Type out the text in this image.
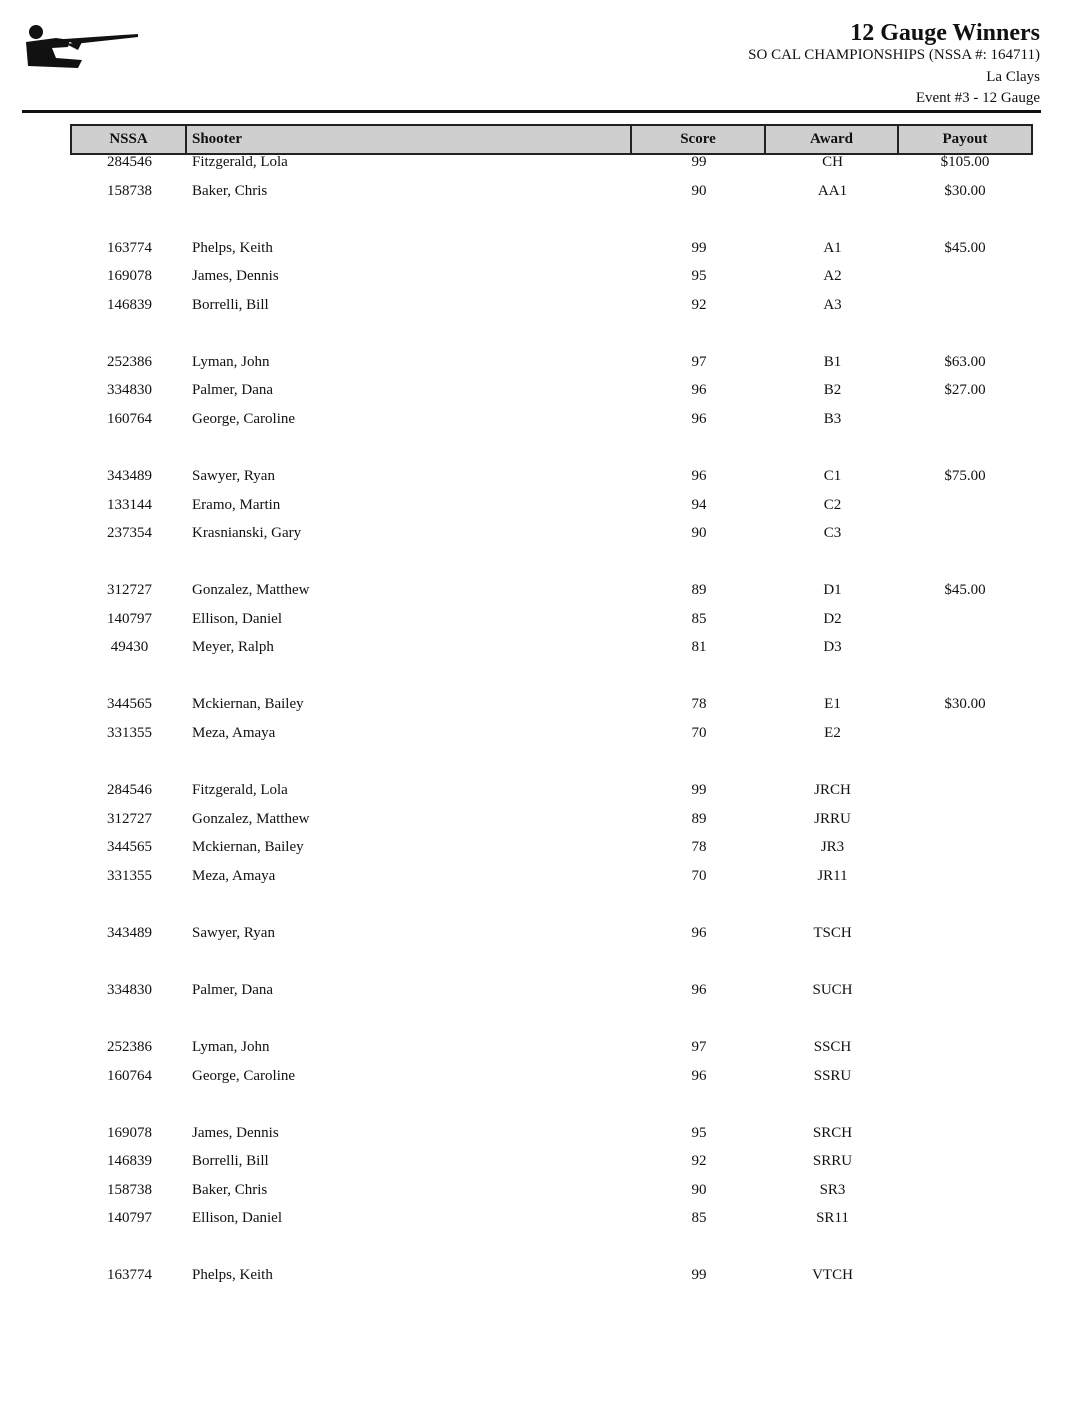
12 Gauge Winners
SO CAL CHAMPIONSHIPS (NSSA #: 164711)
La Clays
Event #3 - 12 Gauge
NSSA	Shooter	Score	Award	Payout
284546	Fitzgerald, Lola	99	CH	$105.00
158738	Baker, Chris	90	AA1	$30.00
163774	Phelps, Keith	99	A1	$45.00
169078	James, Dennis	95	A2
146839	Borrelli, Bill	92	A3
252386	Lyman, John	97	B1	$63.00
334830	Palmer, Dana	96	B2	$27.00
160764	George, Caroline	96	B3
343489	Sawyer, Ryan	96	C1	$75.00
133144	Eramo, Martin	94	C2
237354	Krasnianski, Gary	90	C3
312727	Gonzalez, Matthew	89	D1	$45.00
140797	Ellison, Daniel	85	D2
49430	Meyer, Ralph	81	D3
344565	Mckiernan, Bailey	78	E1	$30.00
331355	Meza, Amaya	70	E2
284546	Fitzgerald, Lola	99	JRCH
312727	Gonzalez, Matthew	89	JRRU
344565	Mckiernan, Bailey	78	JR3
331355	Meza, Amaya	70	JR11
343489	Sawyer, Ryan	96	TSCH
334830	Palmer, Dana	96	SUCH
252386	Lyman, John	97	SSCH
160764	George, Caroline	96	SSRU
169078	James, Dennis	95	SRCH
146839	Borrelli, Bill	92	SRRU
158738	Baker, Chris	90	SR3
140797	Ellison, Daniel	85	SR11
163774	Phelps, Keith	99	VTCH
